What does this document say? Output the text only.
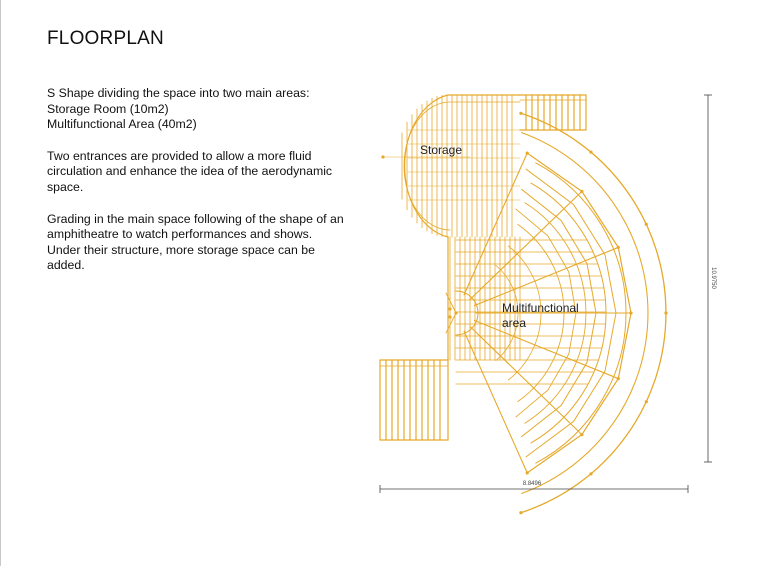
FLOORPLAN

S Shape dividing the space into two main areas:
Storage Room (10m2)
Multifunctional Area (40m2)

Two entrances are provided to allow a more fluid
circulation and enhance the idea of the aerodynamic
space.

Grading in the main space following of the shape of an
amphitheatre to watch performances and shows.
Under their structure, more storage space can be
added.

Storage
Multifunctional
area
8.8496
10.9750
